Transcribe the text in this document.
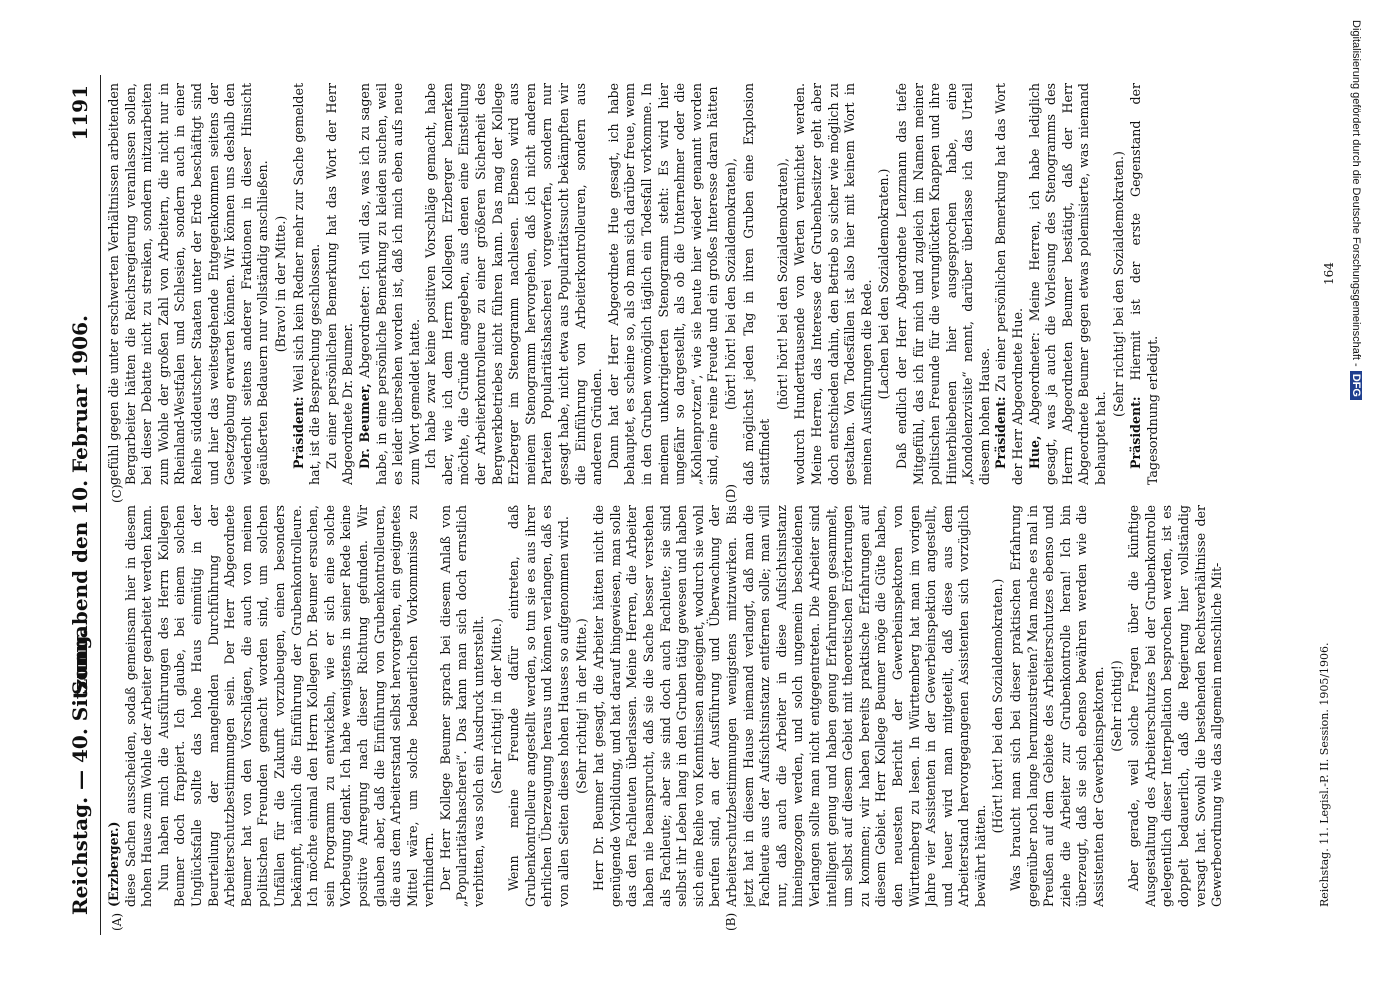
Reichstag. — 40. Sitzung.
Sonnabend den 10. Februar 1906.
1191
(A)	(B)
(C)	(D)

(Erzberger.) diese Sachen ausscheiden, sodaß gemeinsam hier in diesem hohen Hause zum Wohle der Arbeiter gearbeitet werden kann. Nun haben mich die Ausführungen des Herrn Kollegen Beumer doch frappiert. Ich glaube, bei einem solchen Unglücksfalle sollte das hohe Haus einmütig in der Beurteilung der mangelnden Durchführung der Arbeiterschutzbestimmungen sein. Der Herr Abgeordnete Beumer hat von den Vorschlägen, die auch von meinen politischen Freunden gemacht worden sind, um solchen Unfällen für die Zukunft vorzubeugen, einen besonders bekämpft, nämlich die Einführung der Grubenkontrolleure. Ich möchte einmal den Herrn Kollegen Dr. Beumer ersuchen, sein Programm zu entwickeln, wie er sich eine solche Vorbeugung denkt. Ich habe wenigstens in seiner Rede keine positive Anregung nach dieser Richtung gefunden. Wir glauben aber, daß die Einführung von Grubenkontrolleuren, die aus dem Arbeiterstand selbst hervorgehen, ein geeignetes Mittel wäre, um solche bedauerlichen Vorkommnisse zu verhindern. Der Herr Kollege Beumer sprach bei diesem Anlaß von „Popularitätshascherei“. Das kann man sich doch ernstlich verbitten, was solch ein Ausdruck unterstellt. (Sehr richtig! in der Mitte.) Wenn meine Freunde dafür eintreten, daß Grubenkontrolleure angestellt werden, so tun sie es aus ihrer ehrlichen Überzeugung heraus und können verlangen, daß es von allen Seiten dieses hohen Hauses so aufgenommen wird. (Sehr richtig! in der Mitte.) Herr Dr. Beumer hat gesagt, die Arbeiter hätten nicht die genügende Vorbildung, und hat darauf hingewiesen, man solle das den Fachleuten überlassen. Meine Herren, die Arbeiter haben nie beansprucht, daß sie die Sache besser verstehen als Fachleute; aber sie sind doch auch Fachleute; sie sind selbst ihr Leben lang in den Gruben tätig gewesen und haben sich eine Reihe von Kenntnissen angeeignet, wodurch sie wohl berufen sind, an der Ausführung und Überwachung der Arbeiterschutzbestimmungen wenigstens mitzuwirken. Bis jetzt hat in diesem Hause niemand verlangt, daß man die Fachleute aus der Aufsichtsinstanz entfernen solle; man will nur, daß auch die Arbeiter in diese Aufsichtsinstanz hineingezogen werden, und solch ungemein bescheidenen Verlangen sollte man nicht entgegentreten. Die Arbeiter sind intelligent genug und haben genug Erfahrungen gesammelt, um selbst auf diesem Gebiet mit theoretischen Erörterungen zu kommen; wir haben bereits praktische Erfahrungen auf diesem Gebiet. Herr Kollege Beumer möge die Güte haben, den neuesten Bericht der Gewerbeinspektoren von Württemberg zu lesen. In Württemberg hat man im vorigen Jahre vier Assistenten in der Gewerbeinspektion angestellt, und heuer wird man mitgeteilt, daß diese aus dem Arbeiterstand hervorgegangenen Assistenten sich vorzüglich bewährt hätten.

(Hört! hört! bei den Sozialdemokraten.) Was braucht man sich bei dieser praktischen Erfahrung gegenüber noch lange herumzustreiten? Man mache es mal in Preußen auf dem Gebiete des Arbeiterschutzes ebenso und ziehe die Arbeiter zur Grubenkontrolle heran! Ich bin überzeugt, daß sie sich ebenso bewähren werden wie die Assistenten der Gewerbeinspektoren. (Sehr richtig!) Aber gerade, weil solche Fragen über die künftige Ausgestaltung des Arbeiterschutzes bei der Grubenkontrolle gelegentlich dieser Interpellation besprochen werden, ist es doppelt bedauerlich, daß die Regierung hier vollständig versagt hat. Sowohl die bestehenden Rechtsverhältnisse der Gewerbeordnung wie das allgemein menschliche Mit-

gefühl gegen die unter erschwerten Verhältnissen arbeitenden Bergarbeiter hätten die Reichsregierung veranlassen sollen, bei dieser Debatte nicht zu streiken, sondern mitzuarbeiten zum Wohle der großen Zahl von Arbeitern, die nicht nur in Rheinland-Westfalen und Schlesien, sondern auch in einer Reihe süddeutscher Staaten unter der Erde beschäftigt sind und hier das weitestgehende Entgegenkommen seitens der Gesetzgebung erwarten können. Wir können uns deshalb den wiederholt seitens anderer Fraktionen in dieser Hinsicht geäußerten Bedauern nur vollständig anschließen. (Bravo! in der Mitte.)

Präsident: Weil sich kein Redner mehr zur Sache gemeldet hat, ist die Besprechung geschlossen. Zu einer persönlichen Bemerkung hat das Wort der Herr Abgeordnete Dr. Beumer. Dr. Beumer, Abgeordneter: Ich will das, was ich zu sagen habe, in eine persönliche Bemerkung zu kleiden suchen, weil es leider übersehen worden ist, daß ich mich eben aufs neue zum Wort gemeldet hatte. Ich habe zwar keine positiven Vorschläge gemacht, habe aber, wie ich dem Herrn Kollegen Erzberger bemerken möchte, die Gründe angegeben, aus denen eine Einstellung der Arbeiterkontrolleure zu einer größeren Sicherheit des Bergwerkbetriebes nicht führen kann. Das mag der Kollege Erzberger im Stenogramm nachlesen. Ebenso wird aus meinem Stenogramm hervorgehen, daß ich nicht anderen Parteien Popularitätshascherei vorgeworfen, sondern nur gesagt habe, nicht etwa aus Popularitätssucht bekämpften wir die Einführung von Arbeiterkontrolleuren, sondern aus anderen Gründen. Dann hat der Herr Abgeordnete Hue gesagt, ich habe behauptet, es scheine so, als ob man sich darüber freue, wenn in den Gruben womöglich täglich ein Todesfall vorkomme. In meinem unkorrigierten Stenogramm steht: Es wird hier ungefähr so dargestellt, als ob die Unternehmer oder die „Kohlenprotzen“, wie sie heute hier wieder genannt worden sind, eine reine Freude und ein großes Interesse daran hätten (hört! hört! bei den Sozialdemokraten), daß möglichst jeden Tag in ihren Gruben eine Explosion stattfindet

(hört! hört! bei den Sozialdemokraten), wodurch Hunderttausende von Werten vernichtet werden. Meine Herren, das Interesse der Grubenbesitzer geht aber doch entschieden dahin, den Betrieb so sicher wie möglich zu gestalten. Von Todesfällen ist also hier mit keinem Wort in meinen Ausführungen die Rede. (Lachen bei den Sozialdemokraten.) Daß endlich der Herr Abgeordnete Lenzmann das tiefe Mitgefühl, das ich für mich und zugleich im Namen meiner politischen Freunde für die verunglückten Knappen und ihre Hinterbliebenen hier ausgesprochen habe, eine „Kondolenzvisite“ nennt, darüber überlasse ich das Urteil diesem hohen Hause. Präsident: Zu einer persönlichen Bemerkung hat das Wort der Herr Abgeordnete Hue. Hue, Abgeordneter: Meine Herren, ich habe lediglich gesagt, was ja auch die Vorlesung des Stenogramms des Herrn Abgeordneten Beumer bestätigt, daß der Herr Abgeordnete Beumer gegen etwas polemisierte, was niemand behauptet hat.

(Sehr richtig! bei den Sozialdemokraten.)

Präsident: Hiermit ist der erste Gegenstand der Tagesordnung erledigt.

Reichstag. 11. Legisl.-P. II. Session. 1905/1906.
164 Digitalisierung gefördert durch die Deutsche Forschungsgemeinschaft -DFG
